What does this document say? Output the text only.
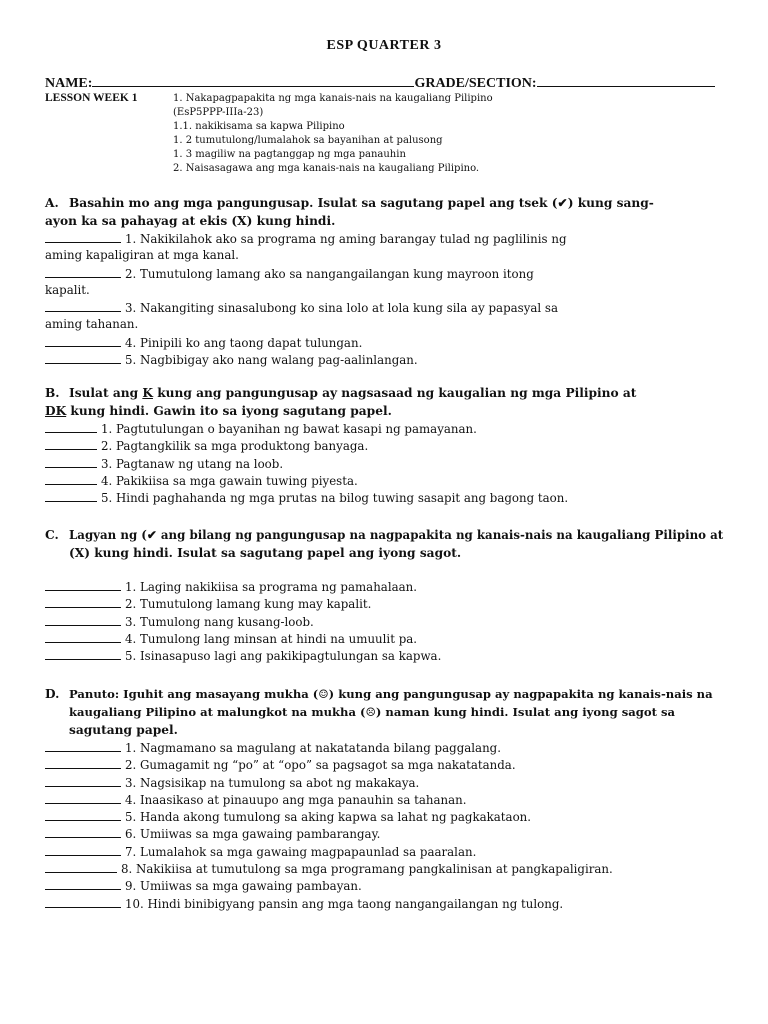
ESP QUARTER 3
NAME:	GRADE/SECTION:
LESSON WEEK 1	1. Nakapagpapakita ng mga kanais-nais na kaugaliang Pilipino
(EsP5PPP-IIIa-23)
1.1. nakikisama sa kapwa Pilipino
1. 2 tumutulong/lumalahok sa bayanihan at palusong
1. 3 magiliw na pagtanggap ng mga panauhin
2. Naisasagawa ang mga kanais-nais na kaugaliang Pilipino.
A. Basahin mo ang mga pangungusap. Isulat sa sagutang papel ang tsek (✔) kung sang-
ayon ka sa pahayag at ekis (X) kung hindi.
1. Nakikilahok ako sa programa ng aming barangay tulad ng paglilinis ng
aming kapaligiran at mga kanal.
2. Tumutulong lamang ako sa nangangailangan kung mayroon itong
kapalit.
3. Nakangiting sinasalubong ko sina lolo at lola kung sila ay papasyal sa
aming tahanan.
4. Pinipili ko ang taong dapat tulungan.
5. Nagbibigay ako nang walang pag-aalinlangan.
B. Isulat ang K kung ang pangungusap ay nagsasaad ng kaugalian ng mga Pilipino at
DK kung hindi. Gawin ito sa iyong sagutang papel.
1. Pagtutulungan o bayanihan ng bawat kasapi ng pamayanan.
2. Pagtangkilik sa mga produktong banyaga.
3. Pagtanaw ng utang na loob.
4. Pakikiisa sa mga gawain tuwing piyesta.
5. Hindi paghahanda ng mga prutas na bilog tuwing sasapit ang bagong taon.
C. Lagyan ng (✔ ang bilang ng pangungusap na nagpapakita ng kanais-nais na kaugaliang Pilipino at
(X) kung hindi. Isulat sa sagutang papel ang iyong sagot.
1. Laging nakikiisa sa programa ng pamahalaan.
2. Tumutulong lamang kung may kapalit.
3. Tumulong nang kusang-loob.
4. Tumulong lang minsan at hindi na umuulit pa.
5. Isinasapuso lagi ang pakikipagtulungan sa kapwa.
D. Panuto: Iguhit ang masayang mukha (☺) kung ang pangungusap ay nagpapakita ng kanais-nais na
kaugaliang Pilipino at malungkot na mukha (☹) naman kung hindi. Isulat ang iyong sagot sa
sagutang papel.
1. Nagmamano sa magulang at nakatatanda bilang paggalang.
2. Gumagamit ng “po” at “opo” sa pagsagot sa mga nakatatanda.
3. Nagsisikap na tumulong sa abot ng makakaya.
4. Inaasikaso at pinauupo ang mga panauhin sa tahanan.
5. Handa akong tumulong sa aking kapwa sa lahat ng pagkakataon.
6. Umiiwas sa mga gawaing pambarangay.
7. Lumalahok sa mga gawaing magpapaunlad sa paaralan.
8. Nakikiisa at tumutulong sa mga programang pangkalinisan at pangkapaligiran.
9. Umiiwas sa mga gawaing pambayan.
10. Hindi binibigyang pansin ang mga taong nangangailangan ng tulong.
